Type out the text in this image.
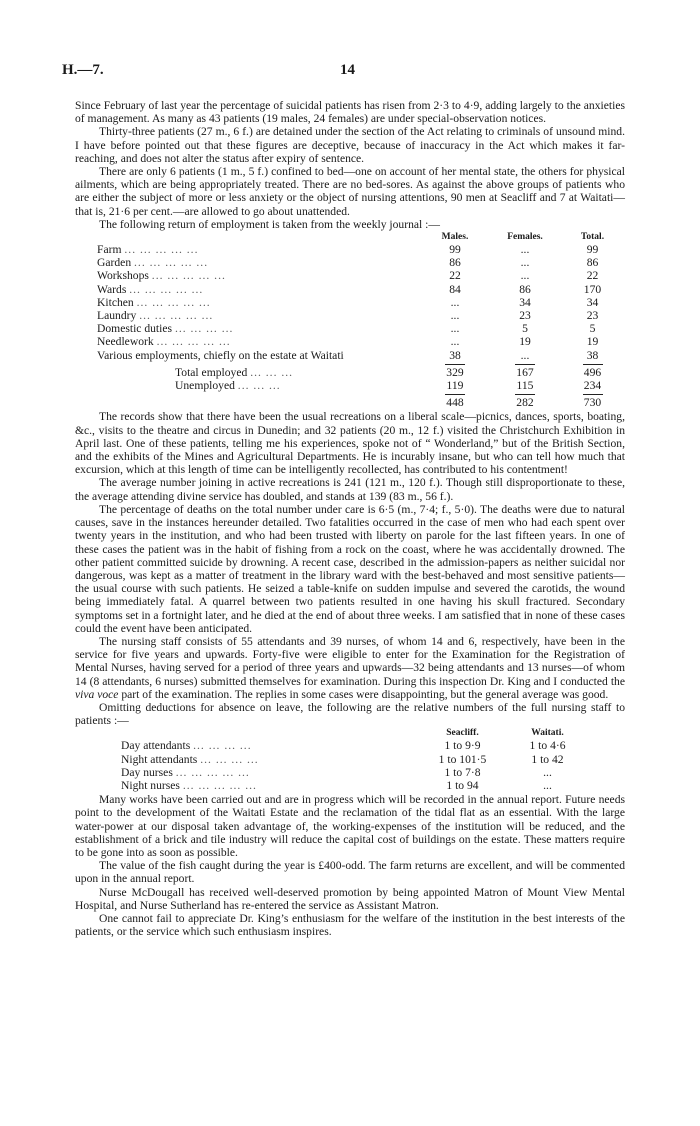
H.—7.	14

Since February of last year the percentage of suicidal patients has risen from 2·3 to 4·9, adding largely to the anxieties of management. As many as 43 patients (19 males, 24 females) are under special-observation notices.

Thirty-three patients (27 m., 6 f.) are detained under the section of the Act relating to criminals of unsound mind. I have before pointed out that these figures are deceptive, because of inaccuracy in the Act which makes it far-reaching, and does not alter the status after expiry of sentence.

There are only 6 patients (1 m., 5 f.) confined to bed—one on account of her mental state, the others for physical ailments, which are being appropriately treated. There are no bed-sores. As against the above groups of patients who are either the subject of more or less anxiety or the object of nursing attentions, 90 men at Seacliff and 7 at Waitati—that is, 21·6 per cent.—are allowed to go about unattended.

The following return of employment is taken from the weekly journal :—

	Males.	Females.	Total.
Farm ... ... ... ... ...	99	...	99
Garden ... ... ... ... ...	86	...	86
Workshops ... ... ... ... ...	22	...	22
Wards ... ... ... ... ...	84	86	170
Kitchen ... ... ... ... ...	...	34	34
Laundry ... ... ... ... ...	...	23	23
Domestic duties ... ... ... ...	...	5	5
Needlework ... ... ... ... ...	...	19	19
Various employments, chiefly on the estate at Waitati	38	...	38

Total employed ... ... ...	329	167	496
Unemployed ... ... ...	119	115	234

	448	282	730

The records show that there have been the usual recreations on a liberal scale—picnics, dances, sports, boating, &c., visits to the theatre and circus in Dunedin; and 32 patients (20 m., 12 f.) visited the Christchurch Exhibition in April last. One of these patients, telling me his experiences, spoke not of “ Wonderland,” but of the British Section, and the exhibits of the Mines and Agricultural Departments. He is incurably insane, but who can tell how much that excursion, which at this length of time can be intelligently recollected, has contributed to his contentment!

The average number joining in active recreations is 241 (121 m., 120 f.). Though still disproportionate to these, the average attending divine service has doubled, and stands at 139 (83 m., 56 f.).

The percentage of deaths on the total number under care is 6·5 (m., 7·4; f., 5·0). The deaths were due to natural causes, save in the instances hereunder detailed. Two fatalities occurred in the case of men who had each spent over twenty years in the institution, and who had been trusted with liberty on parole for the last fifteen years. In one of these cases the patient was in the habit of fishing from a rock on the coast, where he was accidentally drowned. The other patient committed suicide by drowning. A recent case, described in the admission-papers as neither suicidal nor dangerous, was kept as a matter of treatment in the library ward with the best-behaved and most sensitive patients—the usual course with such patients. He seized a table-knife on sudden impulse and severed the carotids, the wound being immediately fatal. A quarrel between two patients resulted in one having his skull fractured. Secondary symptoms set in a fortnight later, and he died at the end of about three weeks. I am satisfied that in none of these cases could the event have been anticipated.

The nursing staff consists of 55 attendants and 39 nurses, of whom 14 and 6, respectively, have been in the service for five years and upwards. Forty-five were eligible to enter for the Examination for the Registration of Mental Nurses, having served for a period of three years and upwards—32 being attendants and 13 nurses—of whom 14 (8 attendants, 6 nurses) submitted themselves for examination. During this inspection Dr. King and I conducted the viva voce part of the examination. The replies in some cases were disappointing, but the general average was good.

Omitting deductions for absence on leave, the following are the relative numbers of the full nursing staff to patients :—

	Seacliff.	Waitati.	
Day attendants ... ... ... ...	1 to 9·9	1 to 4·6	
Night attendants ... ... ... ...	1 to 101·5	1 to 42	
Day nurses ... ... ... ... ...	1 to 7·8	...	
Night nurses ... ... ... ... ...	1 to 94	...	

Many works have been carried out and are in progress which will be recorded in the annual report. Future needs point to the development of the Waitati Estate and the reclamation of the tidal flat as an essential. With the large water-power at our disposal taken advantage of, the working-expenses of the institution will be reduced, and the establishment of a brick and tile industry will reduce the capital cost of buildings on the estate. These matters require to be gone into as soon as possible.

The value of the fish caught during the year is £400-odd. The farm returns are excellent, and will be commented upon in the annual report.

Nurse McDougall has received well-deserved promotion by being appointed Matron of Mount View Mental Hospital, and Nurse Sutherland has re-entered the service as Assistant Matron.

One cannot fail to appreciate Dr. King’s enthusiasm for the welfare of the institution in the best interests of the patients, or the service which such enthusiasm inspires.
